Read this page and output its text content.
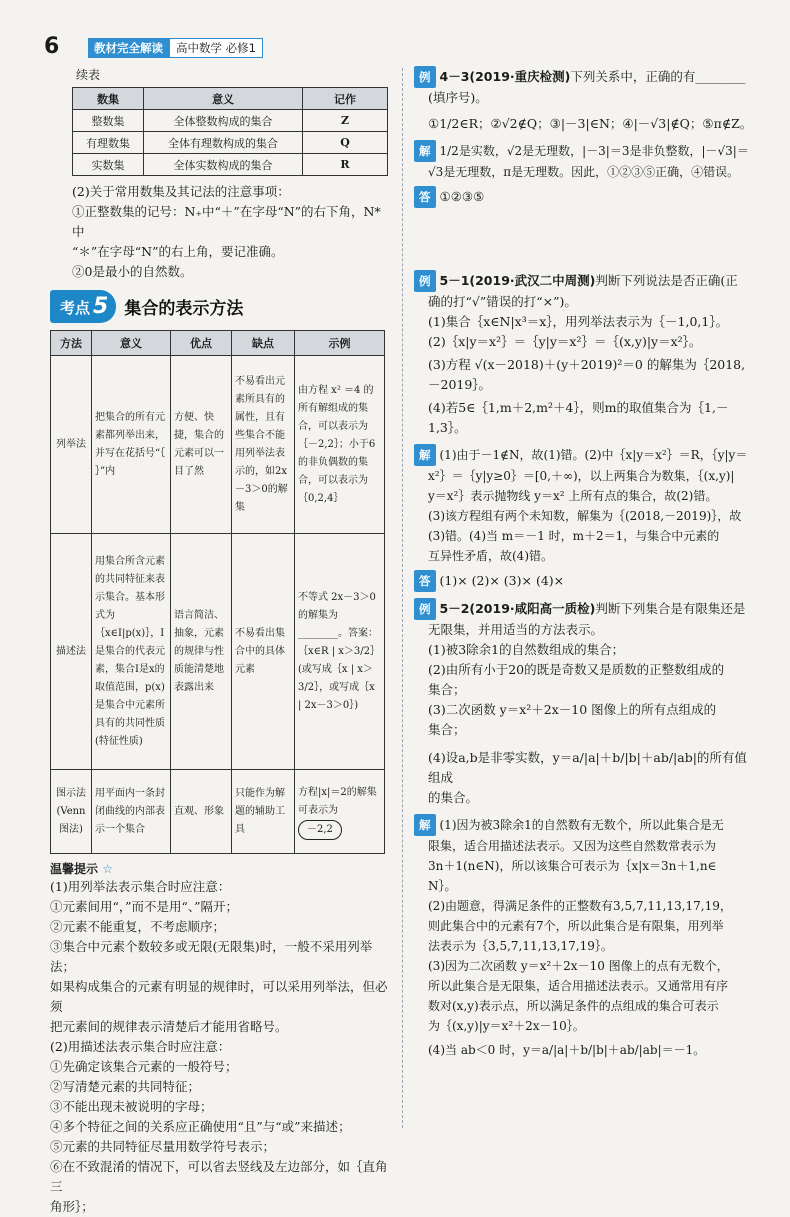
6	教材完全解读	高中数学 必修1
续表
数集	意义	记作
整数集	全体整数构成的集合	Z
有理数集	全体有理数构成的集合	Q
实数集	全体实数构成的集合	R

(2)关于常用数集及其记法的注意事项：

①正整数集的记号：N₊中“＋”在字母“N”的右下角，N* 中

“＊”在字母“N”的右上角，要记准确。

②0是最小的自然数。

考点 5 集合的表示方法
方法	意义	优点	缺点	示例
列举法	把集合的所有元素都列举出来，并写在花括号“｛ ｝”内	方便、快捷，集合的元素可以一目了然	不易看出元素所具有的属性，且有些集合不能用列举法表示的，如2x－3＞0的解集	由方程 x² ＝4 的所有解组成的集合，可以表示为｛－2,2｝；小于6的非负偶数的集合，可以表示为｛0,2,4｝
描述法	用集合所含元素的共同特征来表示集合。基本形式为｛x∈I|p(x)｝，I是集合的代表元素，集合I是x的取值范围，p(x)是集合中元素所具有的共同性质(特征性质)	语言简洁、抽象，元素的规律与性质能清楚地表露出来	不易看出集合中的具体元素	不等式 2x－3＞0 的解集为________。答案：｛x∈R | x＞3/2｝(或写成｛x | x＞3/2｝，或写成｛x | 2x－3＞0｝)
图示法(Venn图法)	用平面内一条封闭曲线的内部表示一个集合	直观、形象	只能作为解题的辅助工具	方程|x|＝2的解集可表示为 －2,2
温馨提示 ☆

(1)用列举法表示集合时应注意：

①元素间用“，”而不是用“、”隔开；

②元素不能重复，不考虑顺序；

③集合中元素个数较多或无限(无限集)时，一般不采用列举法；

如果构成集合的元素有明显的规律时，可以采用列举法，但必须

把元素间的规律表示清楚后才能用省略号。

(2)用描述法表示集合时应注意：

①先确定该集合元素的一般符号；

②写清楚元素的共同特征；

③不能出现未被说明的字母；

④多个特征之间的关系应正确使用“且”与“或”来描述；

⑤元素的共同特征尽量用数学符号表示；

⑥在不致混淆的情况下，可以省去竖线及左边部分，如｛直角三

角形｝；

例 4－3(2019·重庆检测)下列关系中，正确的有________

(填序号)。

①1/2∈R；②√2∉Q；③|－3|∈N；④|－√3|∉Q；⑤π∉Z。

解 1/2是实数，√2是无理数，|－3|＝3是非负整数，|－√3|＝

√3是无理数，π是无理数。因此，①②③⑤正确，④错误。

答 ①②③⑤

例 5－1(2019·武汉二中周测)判断下列说法是否正确(正

确的打“√”错误的打“×”)。

(1)集合｛x∈N|x³＝x｝，用列举法表示为｛－1,0,1｝。

(2)｛x|y＝x²｝＝｛y|y＝x²｝＝｛(x,y)|y＝x²｝。

(3)方程 √(x－2018)＋(y＋2019)²＝0 的解集为｛2018,－2019｝。

(4)若5∈｛1,m＋2,m²＋4｝，则m的取值集合为｛1,－1,3｝。

解 (1)由于－1∉N，故(1)错。(2)中｛x|y＝x²｝＝R，｛y|y＝

x²｝＝｛y|y≥0｝＝[0,＋∞)，以上两集合为数集，｛(x,y)|

y＝x²｝表示抛物线 y＝x² 上所有点的集合，故(2)错。

(3)该方程组有两个未知数，解集为｛(2018,－2019)｝，故

(3)错。(4)当 m＝－1 时，m＋2＝1，与集合中元素的

互异性矛盾，故(4)错。

答 (1)× (2)× (3)× (4)×

例 5－2(2019·咸阳高一质检)判断下列集合是有限集还是

无限集，并用适当的方法表示。

(1)被3除余1的自然数组成的集合；

(2)由所有小于20的既是奇数又是质数的正整数组成的

集合；

(3)二次函数 y＝x²＋2x－10 图像上的所有点组成的

集合；

(4)设a,b是非零实数，y＝a/|a|＋b/|b|＋ab/|ab|的所有值组成

的集合。

解 (1)因为被3除余1的自然数有无数个，所以此集合是无

限集，适合用描述法表示。又因为这些自然数常表示为

3n＋1(n∈N)，所以该集合可表示为｛x|x＝3n＋1,n∈

N｝。

(2)由题意，得满足条件的正整数有3,5,7,11,13,17,19，

则此集合中的元素有7个，所以此集合是有限集，用列举

法表示为｛3,5,7,11,13,17,19｝。

(3)因为二次函数 y＝x²＋2x－10 图像上的点有无数个，

所以此集合是无限集，适合用描述法表示。又通常用有序

数对(x,y)表示点，所以满足条件的点组成的集合可表示

为｛(x,y)|y＝x²＋2x－10｝。

(4)当 ab＜0 时，y＝a/|a|＋b/|b|＋ab/|ab|＝－1。
